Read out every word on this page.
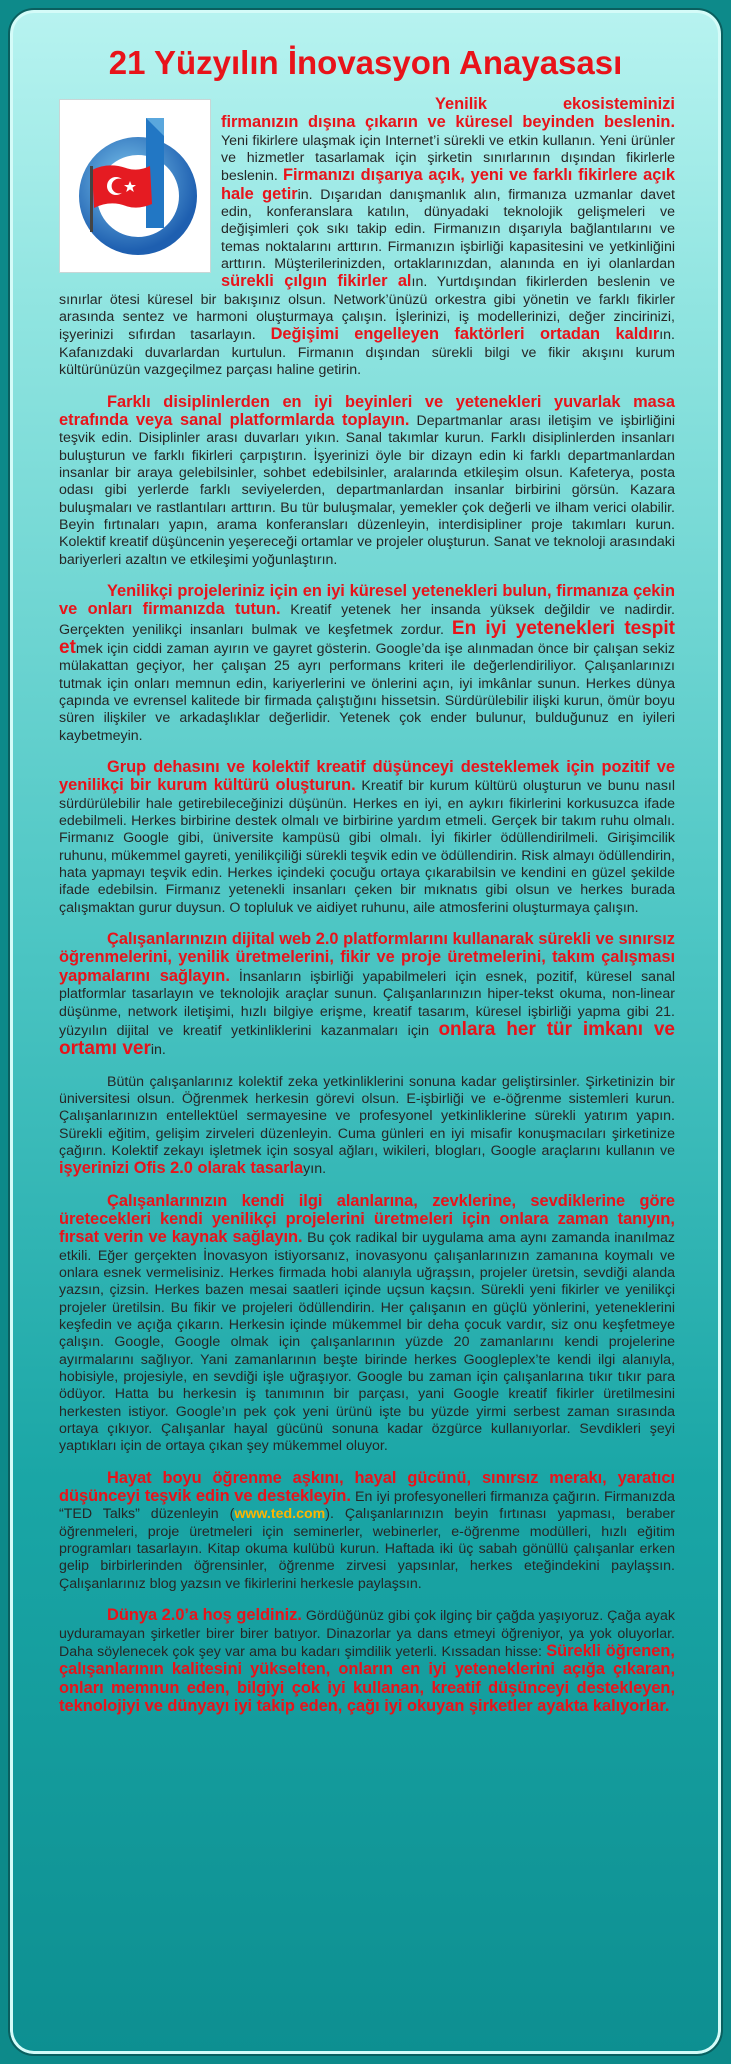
21 Yüzyılın İnovasyon Anayasası

Yenilik ekosisteminizi firmanızın dışına çıkarın ve küresel beyinden beslenin. Yeni fikirlere ulaşmak için Internet’i sürekli ve etkin kullanın. Yeni ürünler ve hizmetler tasarlamak için şirketin sınırlarının dışından fikirlerle beslenin. Firmanızı dışarıya açık, yeni ve farklı fikirlere açık hale getirin. Dışarıdan danışmanlık alın, firmanıza uzmanlar davet edin, konferanslara katılın, dünyadaki teknolojik gelişmeleri ve değişimleri çok sıkı takip edin. Firmanızın dışarıyla bağlantılarını ve temas noktalarını arttırın. Firmanızın işbirliği kapasitesini ve yetkinliğini arttırın. Müşterilerinizden, ortaklarınızdan, alanında en iyi olanlardan sürekli çılgın fikirler alın. Yurtdışından fikirlerden beslenin ve sınırlar ötesi küresel bir bakışınız olsun. Network’ünüzü orkestra gibi yönetin ve farklı fikirler arasında sentez ve harmoni oluşturmaya çalışın. İşlerinizi, iş modellerinizi, değer zincirinizi, işyerinizi sıfırdan tasarlayın. Değişimi engelleyen faktörleri ortadan kaldırın. Kafanızdaki duvarlardan kurtulun. Firmanın dışından sürekli bilgi ve fikir akışını kurum kültürünüzün vazgeçilmez parçası haline getirin.

Farklı disiplinlerden en iyi beyinleri ve yetenekleri yuvarlak masa etrafında veya sanal platformlarda toplayın. Departmanlar arası iletişim ve işbirliğini teşvik edin. Disiplinler arası duvarları yıkın. Sanal takımlar kurun. Farklı disiplinlerden insanları buluşturun ve farklı fikirleri çarpıştırın. İşyerinizi öyle bir dizayn edin ki farklı departmanlardan insanlar bir araya gelebilsinler, sohbet edebilsinler, aralarında etkileşim olsun. Kafeterya, posta odası gibi yerlerde farklı seviyelerden, departmanlardan insanlar birbirini görsün. Kazara buluşmaları ve rastlantıları arttırın. Bu tür buluşmalar, yemekler çok değerli ve ilham verici olabilir. Beyin fırtınaları yapın, arama konferansları düzenleyin, interdisipliner proje takımları kurun. Kolektif kreatif düşüncenin yeşereceği ortamlar ve projeler oluşturun. Sanat ve teknoloji arasındaki bariyerleri azaltın ve etkileşimi yoğunlaştırın.

Yenilikçi projeleriniz için en iyi küresel yetenekleri bulun, firmanıza çekin ve onları firmanızda tutun. Kreatif yetenek her insanda yüksek değildir ve nadirdir. Gerçekten yenilikçi insanları bulmak ve keşfetmek zordur. En iyi yetenekleri tespit etmek için ciddi zaman ayırın ve gayret gösterin. Google’da işe alınmadan önce bir çalışan sekiz mülakattan geçiyor, her çalışan 25 ayrı performans kriteri ile değerlendiriliyor. Çalışanlarınızı tutmak için onları memnun edin, kariyerlerini ve önlerini açın, iyi imkânlar sunun. Herkes dünya çapında ve evrensel kalitede bir firmada çalıştığını hissetsin. Sürdürülebilir ilişki kurun, ömür boyu süren ilişkiler ve arkadaşlıklar değerlidir. Yetenek çok ender bulunur, bulduğunuz en iyileri kaybetmeyin.

Grup dehasını ve kolektif kreatif düşünceyi desteklemek için pozitif ve yenilikçi bir kurum kültürü oluşturun. Kreatif bir kurum kültürü oluşturun ve bunu nasıl sürdürülebilir hale getirebileceğinizi düşünün. Herkes en iyi, en aykırı fikirlerini korkusuzca ifade edebilmeli. Herkes birbirine destek olmalı ve birbirine yardım etmeli. Gerçek bir takım ruhu olmalı. Firmanız Google gibi, üniversite kampüsü gibi olmalı. İyi fikirler ödüllendirilmeli. Girişimcilik ruhunu, mükemmel gayreti, yenilikçiliği sürekli teşvik edin ve ödüllendirin. Risk almayı ödüllendirin, hata yapmayı teşvik edin. Herkes içindeki çocuğu ortaya çıkarabilsin ve kendini en güzel şekilde ifade edebilsin. Firmanız yetenekli insanları çeken bir mıknatıs gibi olsun ve herkes burada çalışmaktan gurur duysun. O topluluk ve aidiyet ruhunu, aile atmosferini oluşturmaya çalışın.

Çalışanlarınızın dijital web 2.0 platformlarını kullanarak sürekli ve sınırsız öğrenmelerini, yenilik üretmelerini, fikir ve proje üretmelerini, takım çalışması yapmalarını sağlayın. İnsanların işbirliği yapabilmeleri için esnek, pozitif, küresel sanal platformlar tasarlayın ve teknolojik araçlar sunun. Çalışanlarınızın hiper-tekst okuma, non-linear düşünme, network iletişimi, hızlı bilgiye erişme, kreatif tasarım, küresel işbirliği yapma gibi 21. yüzyılın dijital ve kreatif yetkinliklerini kazanmaları için onlara her tür imkanı ve ortamı verin.

Bütün çalışanlarınız kolektif zeka yetkinliklerini sonuna kadar geliştirsinler. Şirketinizin bir üniversitesi olsun. Öğrenmek herkesin görevi olsun. E-işbirliği ve e-öğrenme sistemleri kurun. Çalışanlarınızın entellektüel sermayesine ve profesyonel yetkinliklerine sürekli yatırım yapın. Sürekli eğitim, gelişim zirveleri düzenleyin. Cuma günleri en iyi misafir konuşmacıları şirketinize çağırın. Kolektif zekayı işletmek için sosyal ağları, wikileri, blogları, Google araçlarını kullanın ve işyerinizi Ofis 2.0 olarak tasarlayın.

Çalışanlarınızın kendi ilgi alanlarına, zevklerine, sevdiklerine göre üretecekleri kendi yenilikçi projelerini üretmeleri için onlara zaman tanıyın, fırsat verin ve kaynak sağlayın. Bu çok radikal bir uygulama ama aynı zamanda inanılmaz etkili. Eğer gerçekten İnovasyon istiyorsanız, inovasyonu çalışanlarınızın zamanına koymalı ve onlara esnek vermelisiniz. Herkes firmada hobi alanıyla uğraşsın, projeler üretsin, sevdiği alanda yazsın, çizsin. Herkes bazen mesai saatleri içinde uçsun kaçsın. Sürekli yeni fikirler ve yenilikçi projeler üretilsin. Bu fikir ve projeleri ödüllendirin. Her çalışanın en güçlü yönlerini, yeteneklerini keşfedin ve açığa çıkarın. Herkesin içinde mükemmel bir deha çocuk vardır, siz onu keşfetmeye çalışın. Google, Google olmak için çalışanlarının yüzde 20 zamanlarını kendi projelerine ayırmalarını sağlıyor. Yani zamanlarının beşte birinde herkes Googleplex’te kendi ilgi alanıyla, hobisiyle, projesiyle, en sevdiği işle uğraşıyor. Google bu zaman için çalışanlarına tıkır tıkır para ödüyor. Hatta bu herkesin iş tanımının bir parçası, yani Google kreatif fikirler üretilmesini herkesten istiyor. Google’ın pek çok yeni ürünü işte bu yüzde yirmi serbest zaman sırasında ortaya çıkıyor. Çalışanlar hayal gücünü sonuna kadar özgürce kullanıyorlar. Sevdikleri şeyi yaptıkları için de ortaya çıkan şey mükemmel oluyor.

Hayat boyu öğrenme aşkını, hayal gücünü, sınırsız merakı, yaratıcı düşünceyi teşvik edin ve destekleyin. En iyi profesyonelleri firmanıza çağırın. Firmanızda “TED Talks” düzenleyin (www.ted.com). Çalışanlarınızın beyin fırtınası yapması, beraber öğrenmeleri, proje üretmeleri için seminerler, webinerler, e-öğrenme modülleri, hızlı eğitim programları tasarlayın. Kitap okuma kulübü kurun. Haftada iki üç sabah gönüllü çalışanlar erken gelip birbirlerinden öğrensinler, öğrenme zirvesi yapsınlar, herkes eteğindekini paylaşsın. Çalışanlarınız blog yazsın ve fikirlerini herkesle paylaşsın.

Dünya 2.0’a hoş geldiniz. Gördüğünüz gibi çok ilginç bir çağda yaşıyoruz. Çağa ayak uyduramayan şirketler birer birer batıyor. Dinazorlar ya dans etmeyi öğreniyor, ya yok oluyorlar. Daha söylenecek çok şey var ama bu kadarı şimdilik yeterli. Kıssadan hisse: Sürekli öğrenen, çalışanlarının kalitesini yükselten, onların en iyi yeteneklerini açığa çıkaran, onları memnun eden, bilgiyi çok iyi kullanan, kreatif düşünceyi destekleyen, teknolojiyi ve dünyayı iyi takip eden, çağı iyi okuyan şirketler ayakta kalıyorlar.
